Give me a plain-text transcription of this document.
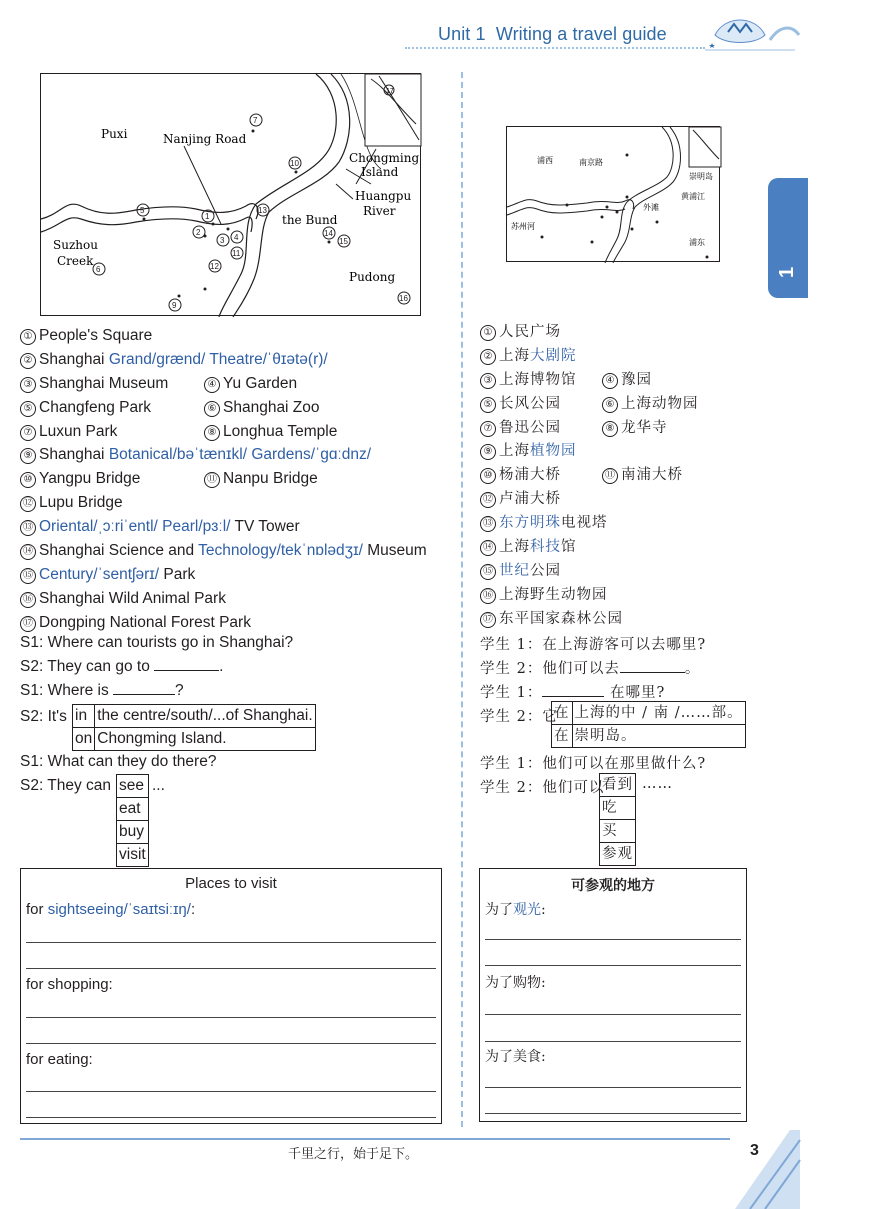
Unit 1 Writing a travel guide
17
Puxi	Nanjing Road
Chongming
Island
Huangpu
River
the Bund
Suzhou
Creek
Pudong
7
10
5
1
13
2
3 4
11
12
6
9
14
15
16
浦西	南京路
崇明岛
黄浦江
外滩
苏州河
浦东
Unit
1
① People's Square
② Shanghai Grand/ɡrænd/ Theatre/ˈθɪətə(r)/
③ Shanghai Museum	④ Yu Garden
⑤ Changfeng Park	⑥ Shanghai Zoo
⑦ Luxun Park	⑧ Longhua Temple
⑨ Shanghai Botanical/bəˈtænɪkl/ Gardens/ˈɡɑːdnz/
⑩ Yangpu Bridge	⑪ Nanpu Bridge
⑫ Lupu Bridge
⑬ Oriental/ˌɔːriˈentl/ Pearl/pɜːl/ TV Tower
⑭ Shanghai Science and Technology/tekˈnɒlədʒɪ/ Museum
⑮ Century/ˈsentʃərɪ/ Park
⑯ Shanghai Wild Animal Park
⑰ Dongping National Forest Park
① 人民广场
② 上海大剧院
③ 上海博物馆	④ 豫园
⑤ 长风公园	⑥ 上海动物园
⑦ 鲁迅公园	⑧ 龙华寺
⑨ 上海植物园
⑩ 杨浦大桥	⑪ 南浦大桥
⑫ 卢浦大桥
⑬ 东方明珠电视塔
⑭ 上海科技馆
⑮ 世纪公园
⑯ 上海野生动物园
⑰ 东平国家森林公园
S1: Where can tourists go in Shanghai?
S2: They can go to	.
S1: Where is	?
S2: It's in	the centre/south/...of Shanghai.
on	Chongming Island.
S1: What can they do there?
S2: They can see
eat
buy
visit
...
学生 1：在上海游客可以去哪里?
学生 2：他们可以去	。
学生 1：	在哪里?
学生 2：它
在	上海的中 / 南 /……部。
在	崇明岛。
学生 1：他们可以在那里做什么?
学生 2：他们可以
看到
吃
买
参观
……
Places to visit
for sightseeing/ˈsaɪtsiːɪŋ/:
for shopping:
for eating:
可参观的地方
为了观光:
为了购物:
为了美食:
千里之行，始于足下。	3
